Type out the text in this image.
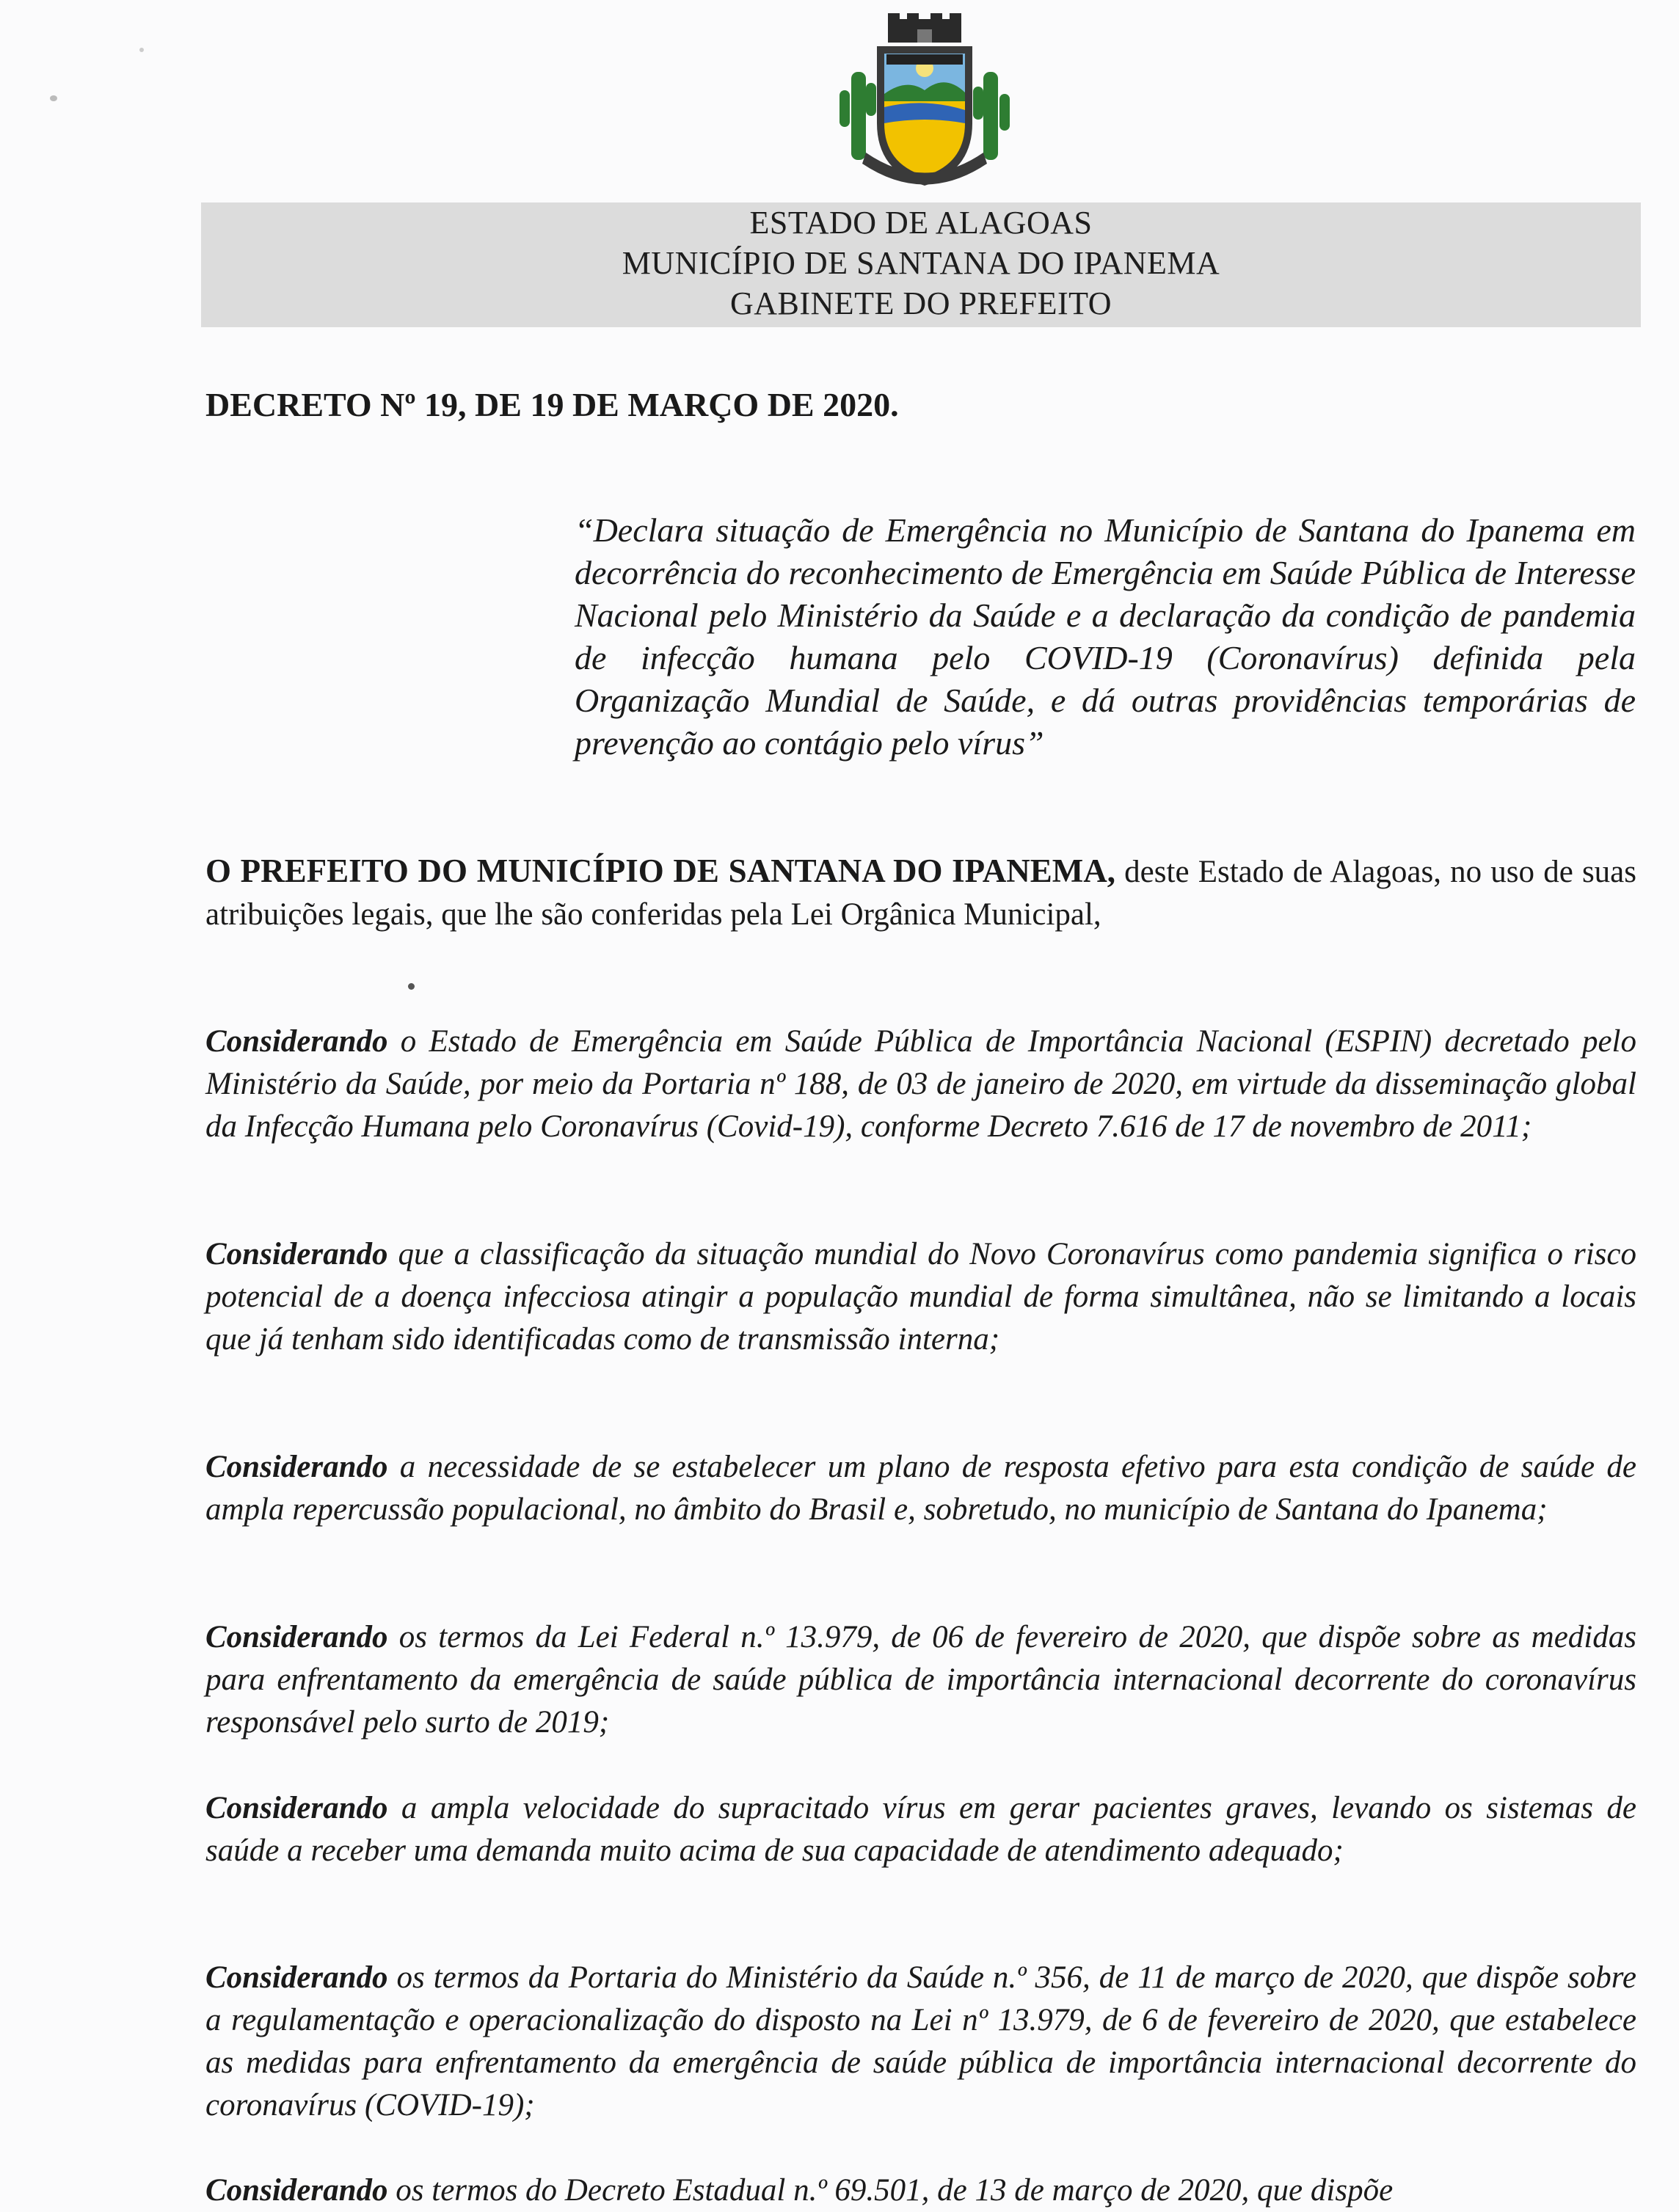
ESTADO DE ALAGOAS
MUNICÍPIO DE SANTANA DO IPANEMA
GABINETE DO PREFEITO
DECRETO Nº 19, DE 19 DE MARÇO DE 2020.
“Declara situação de Emergência no Município de Santana do Ipanema em decorrência do reconhecimento de Emergência em Saúde Pública de Interesse Nacional pelo Ministério da Saúde e a declaração da condição de pandemia de infecção humana pelo COVID-19 (Coronavírus) definida pela Organização Mundial de Saúde, e dá outras providências temporárias de prevenção ao contágio pelo vírus”
O PREFEITO DO MUNICÍPIO DE SANTANA DO IPANEMA, deste Estado de Alagoas, no uso de suas atribuições legais, que lhe são conferidas pela Lei Orgânica Municipal,
Considerando o Estado de Emergência em Saúde Pública de Importância Nacional (ESPIN) decretado pelo Ministério da Saúde, por meio da Portaria nº 188, de 03 de janeiro de 2020, em virtude da disseminação global da Infecção Humana pelo Coronavírus (Covid-19), conforme Decreto 7.616 de 17 de novembro de 2011;
Considerando que a classificação da situação mundial do Novo Coronavírus como pandemia significa o risco potencial de a doença infecciosa atingir a população mundial de forma simultânea, não se limitando a locais que já tenham sido identificadas como de transmissão interna;
Considerando a necessidade de se estabelecer um plano de resposta efetivo para esta condição de saúde de ampla repercussão populacional, no âmbito do Brasil e, sobretudo, no município de Santana do Ipanema;
Considerando os termos da Lei Federal n.º 13.979, de 06 de fevereiro de 2020, que dispõe sobre as medidas para enfrentamento da emergência de saúde pública de importância internacional decorrente do coronavírus responsável pelo surto de 2019;
Considerando a ampla velocidade do supracitado vírus em gerar pacientes graves, levando os sistemas de saúde a receber uma demanda muito acima de sua capacidade de atendimento adequado;
Considerando os termos da Portaria do Ministério da Saúde n.º 356, de 11 de março de 2020, que dispõe sobre a regulamentação e operacionalização do disposto na Lei nº 13.979, de 6 de fevereiro de 2020, que estabelece as medidas para enfrentamento da emergência de saúde pública de importância internacional decorrente do coronavírus (COVID-19);
Considerando os termos do Decreto Estadual n.º 69.501, de 13 de março de 2020, que dispõe
